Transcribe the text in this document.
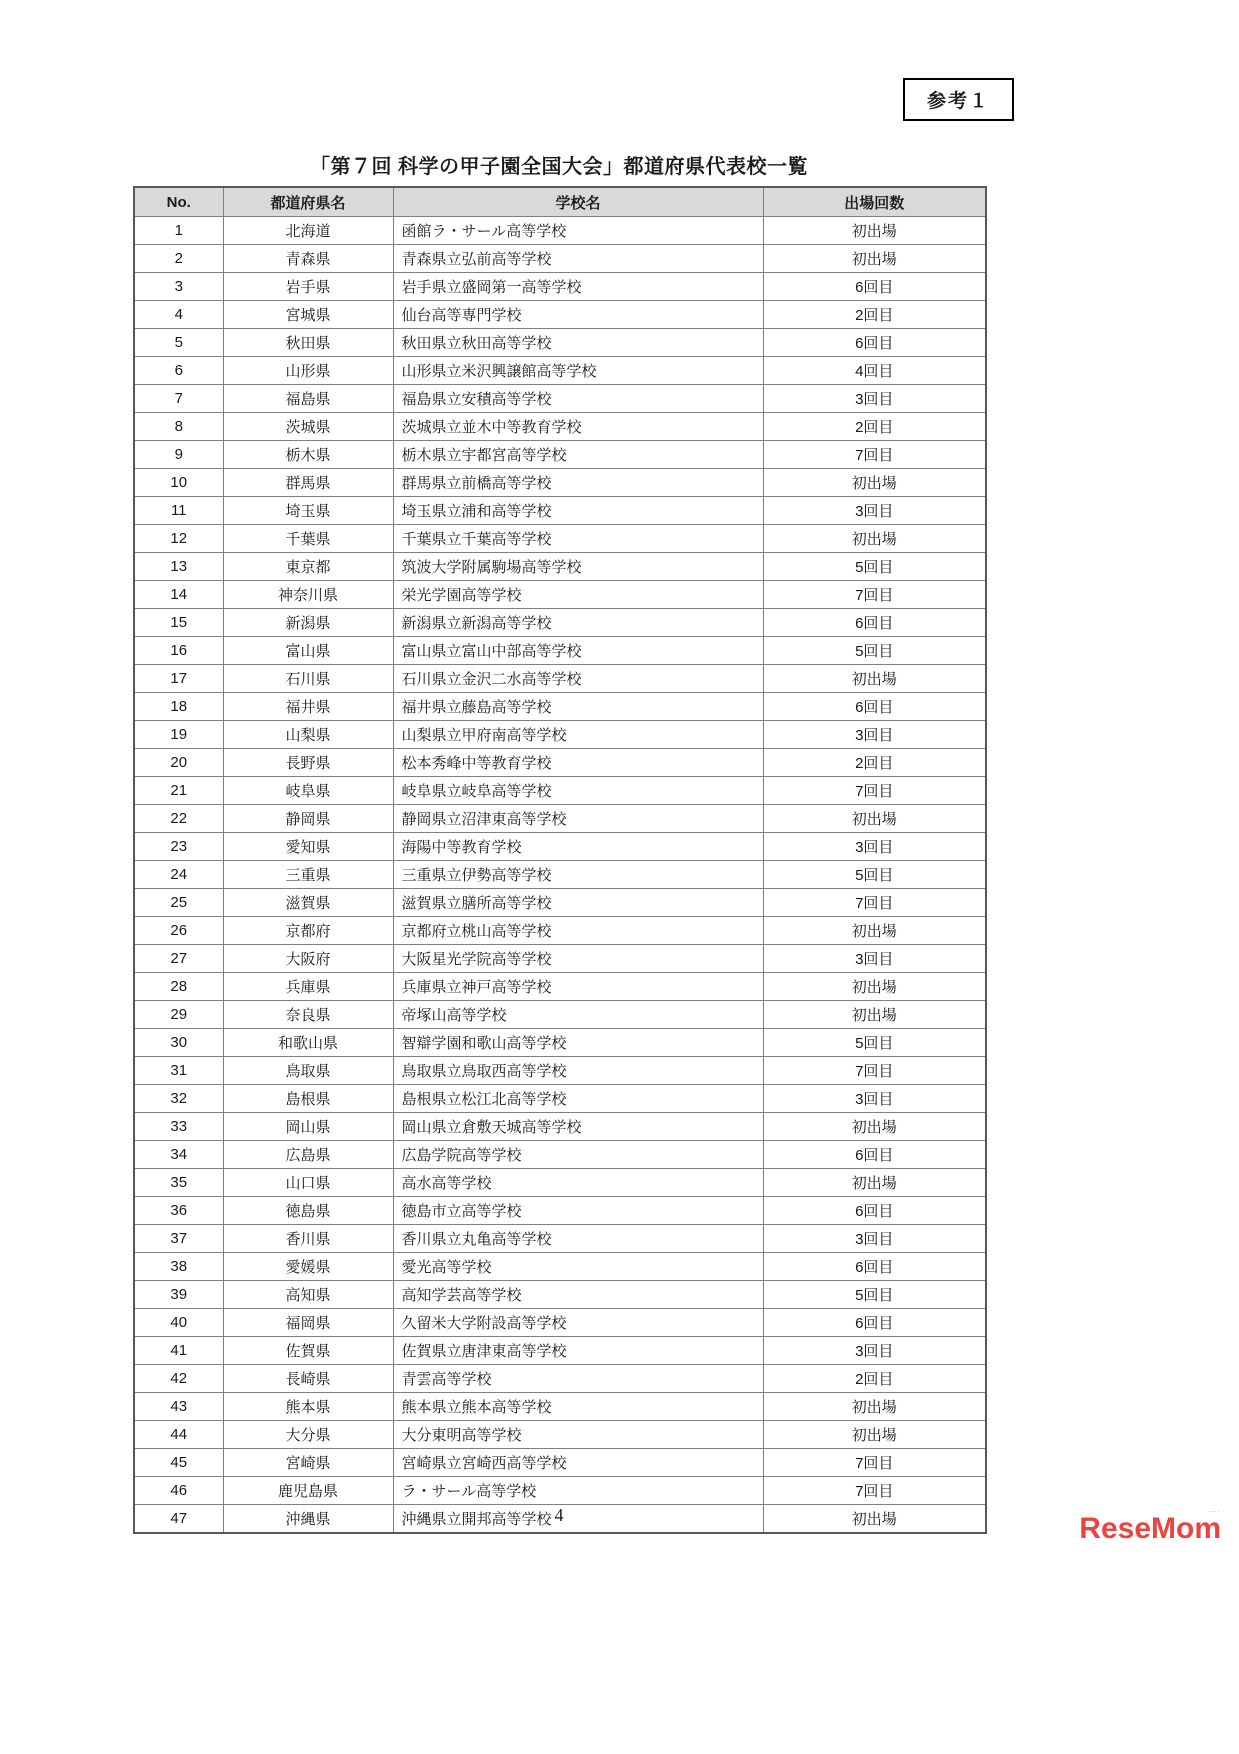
参考１
「第７回 科学の甲子園全国大会」都道府県代表校一覧
No.	都道府県名	学校名	出場回数
1	北海道	函館ラ・サール高等学校	初出場
2	青森県	青森県立弘前高等学校	初出場
3	岩手県	岩手県立盛岡第一高等学校	6回目
4	宮城県	仙台高等専門学校	2回目
5	秋田県	秋田県立秋田高等学校	6回目
6	山形県	山形県立米沢興譲館高等学校	4回目
7	福島県	福島県立安積高等学校	3回目
8	茨城県	茨城県立並木中等教育学校	2回目
9	栃木県	栃木県立宇都宮高等学校	7回目
10	群馬県	群馬県立前橋高等学校	初出場
11	埼玉県	埼玉県立浦和高等学校	3回目
12	千葉県	千葉県立千葉高等学校	初出場
13	東京都	筑波大学附属駒場高等学校	5回目
14	神奈川県	栄光学園高等学校	7回目
15	新潟県	新潟県立新潟高等学校	6回目
16	富山県	富山県立富山中部高等学校	5回目
17	石川県	石川県立金沢二水高等学校	初出場
18	福井県	福井県立藤島高等学校	6回目
19	山梨県	山梨県立甲府南高等学校	3回目
20	長野県	松本秀峰中等教育学校	2回目
21	岐阜県	岐阜県立岐阜高等学校	7回目
22	静岡県	静岡県立沼津東高等学校	初出場
23	愛知県	海陽中等教育学校	3回目
24	三重県	三重県立伊勢高等学校	5回目
25	滋賀県	滋賀県立膳所高等学校	7回目
26	京都府	京都府立桃山高等学校	初出場
27	大阪府	大阪星光学院高等学校	3回目
28	兵庫県	兵庫県立神戸高等学校	初出場
29	奈良県	帝塚山高等学校	初出場
30	和歌山県	智辯学園和歌山高等学校	5回目
31	鳥取県	鳥取県立鳥取西高等学校	7回目
32	島根県	島根県立松江北高等学校	3回目
33	岡山県	岡山県立倉敷天城高等学校	初出場
34	広島県	広島学院高等学校	6回目
35	山口県	高水高等学校	初出場
36	徳島県	徳島市立高等学校	6回目
37	香川県	香川県立丸亀高等学校	3回目
38	愛媛県	愛光高等学校	6回目
39	高知県	高知学芸高等学校	5回目
40	福岡県	久留米大学附設高等学校	6回目
41	佐賀県	佐賀県立唐津東高等学校	3回目
42	長崎県	青雲高等学校	2回目
43	熊本県	熊本県立熊本高等学校	初出場
44	大分県	大分東明高等学校	初出場
45	宮崎県	宮崎県立宮崎西高等学校	7回目
46	鹿児島県	ラ・サール高等学校	7回目
47	沖縄県	沖縄県立開邦高等学校	初出場
4	....
ReseMom
